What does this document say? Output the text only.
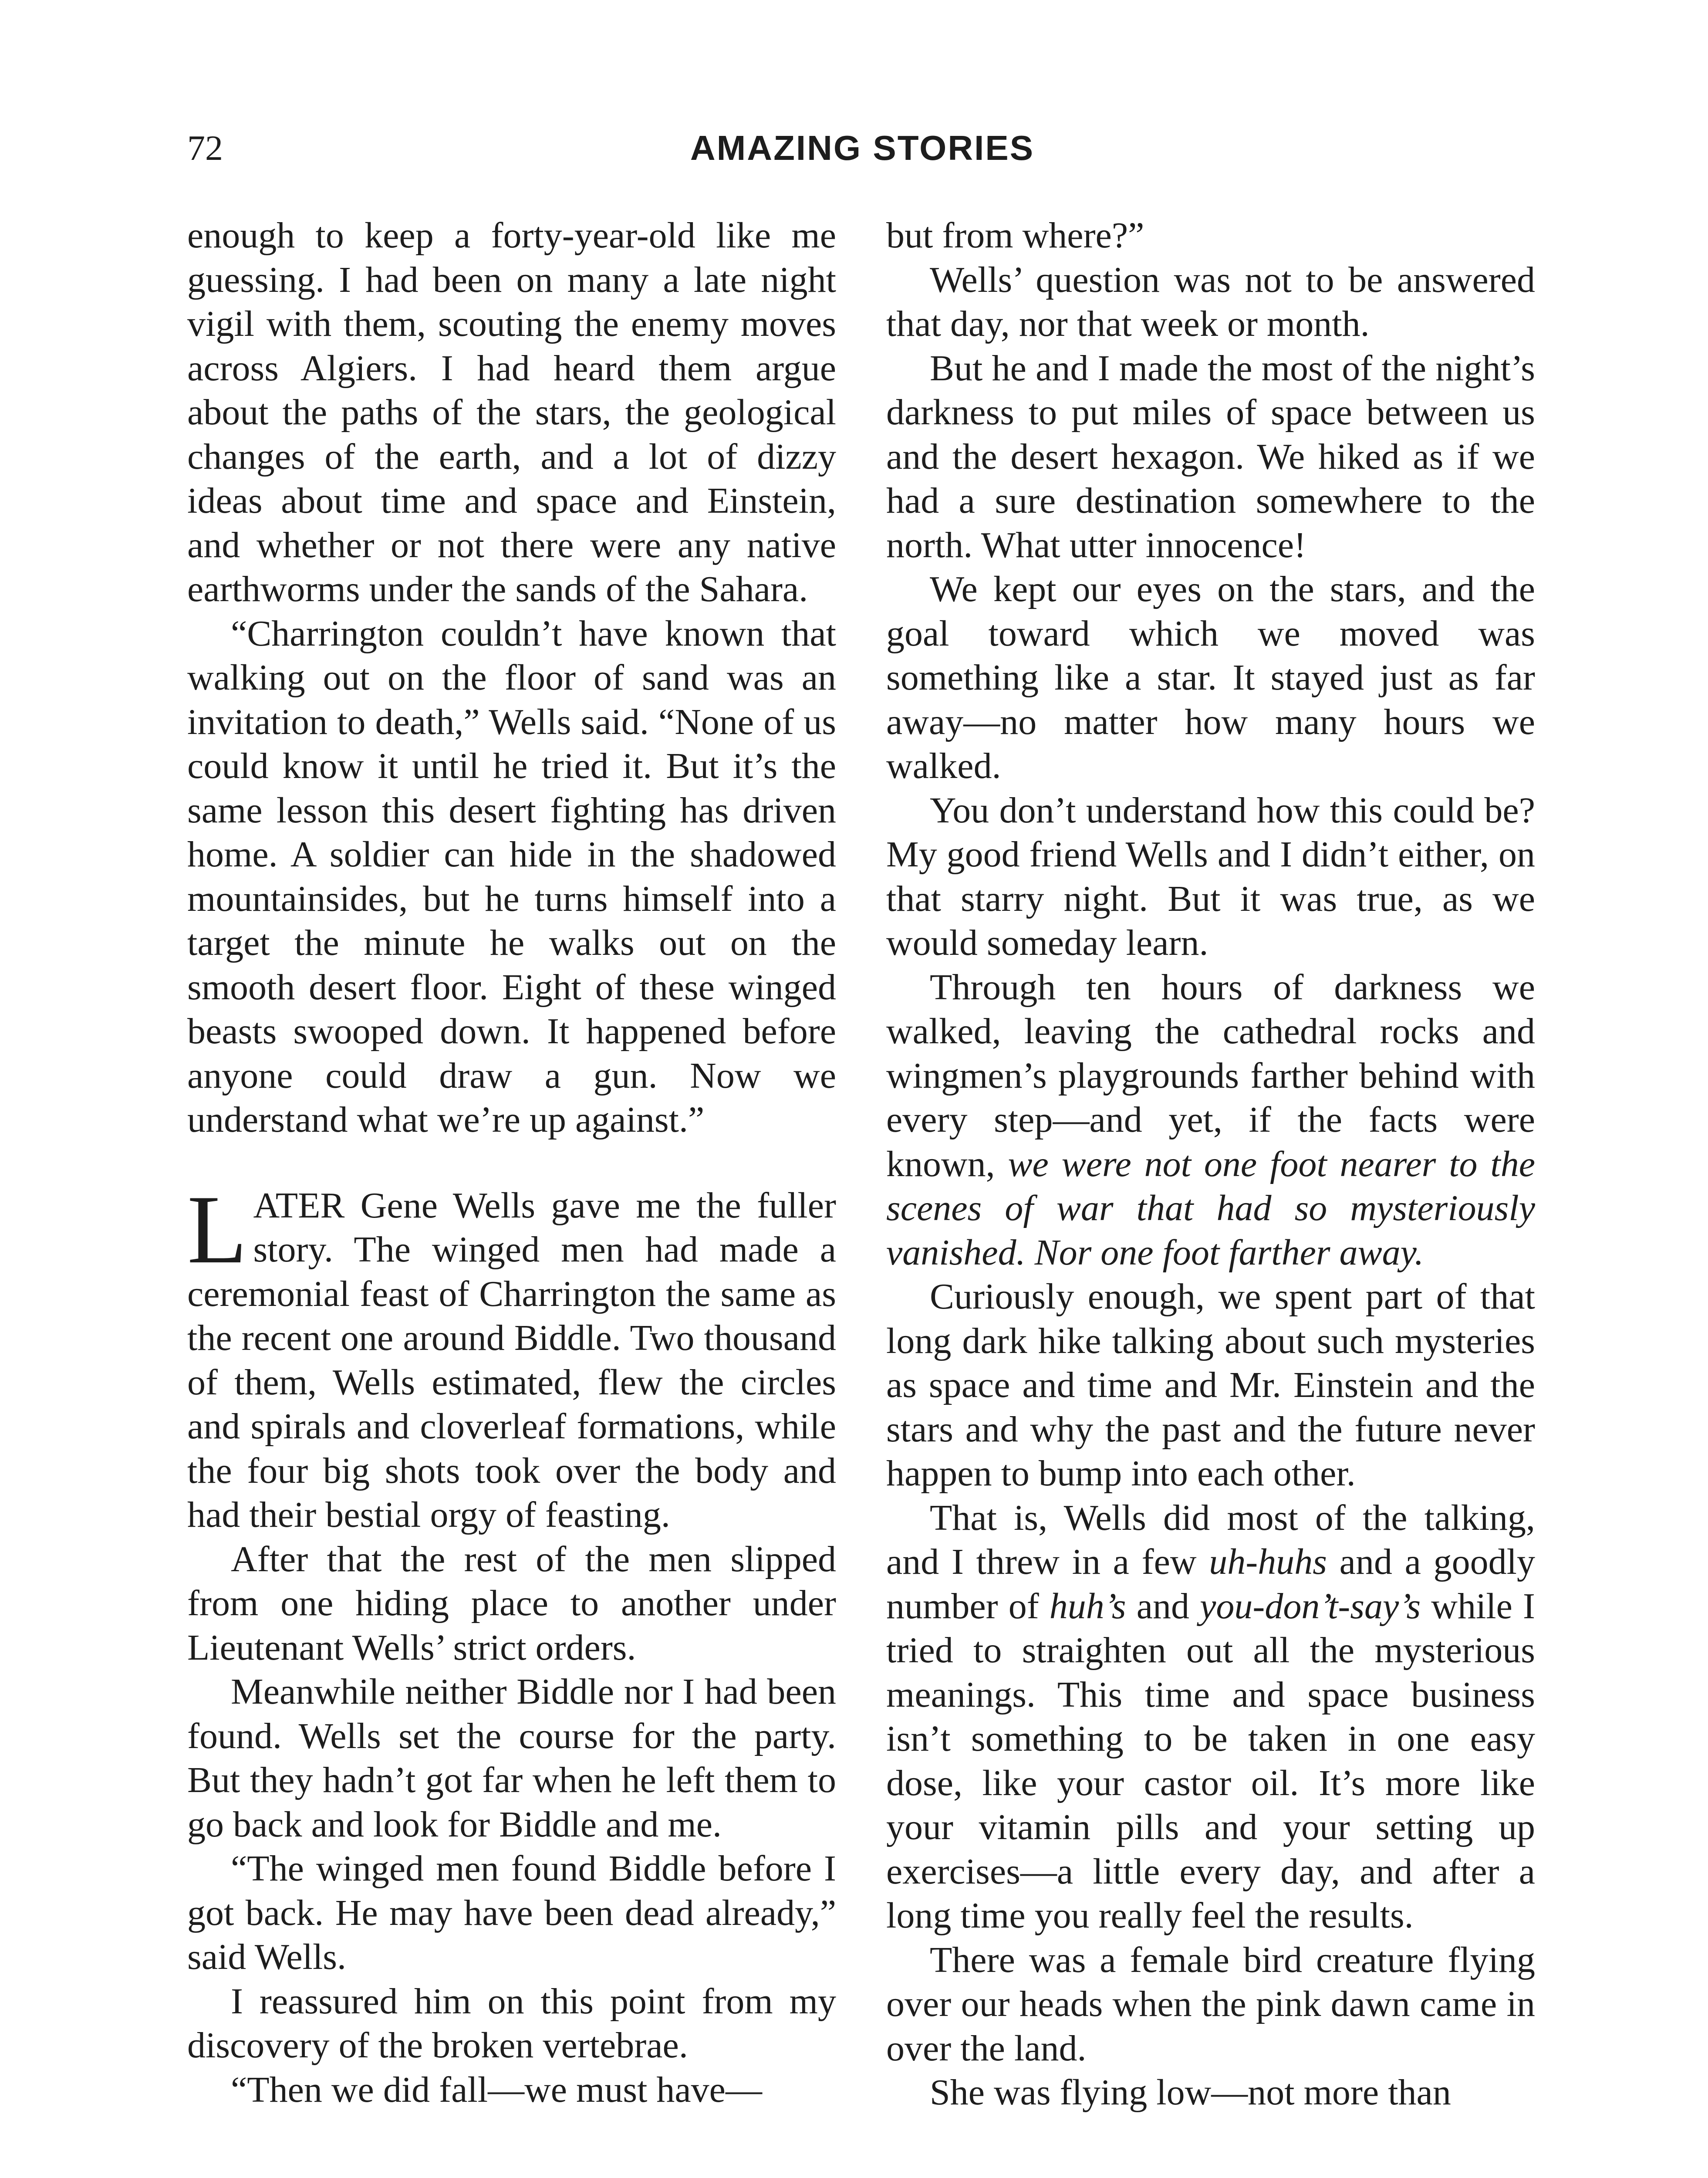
72	AMAZING STORIES

enough to keep a forty-year-old like me guessing. I had been on many a late night vigil with them, scouting the enemy moves across Algiers. I had heard them argue about the paths of the stars, the geological changes of the earth, and a lot of dizzy ideas about time and space and Einstein, and whether or not there were any native earthworms under the sands of the Sahara.

“Charrington couldn’t have known that walking out on the floor of sand was an invitation to death,” Wells said. “None of us could know it until he tried it. But it’s the same lesson this desert fighting has driven home. A soldier can hide in the shadowed mountainsides, but he turns himself into a target the minute he walks out on the smooth desert floor. Eight of these winged beasts swooped down. It happened before anyone could draw a gun. Now we understand what we’re up against.”

LATER Gene Wells gave me the fuller story. The winged men had made a ceremonial feast of Charrington the same as the recent one around Biddle. Two thousand of them, Wells estimated, flew the circles and spirals and cloverleaf formations, while the four big shots took over the body and had their bestial orgy of feasting.

After that the rest of the men slipped from one hiding place to another under Lieutenant Wells’ strict orders.

Meanwhile neither Biddle nor I had been found. Wells set the course for the party. But they hadn’t got far when he left them to go back and look for Biddle and me.

“The winged men found Biddle before I got back. He may have been dead already,” said Wells.

I reassured him on this point from my discovery of the broken vertebrae.

“Then we did fall—we must have—

but from where?”

Wells’ question was not to be answered that day, nor that week or month.

But he and I made the most of the night’s darkness to put miles of space between us and the desert hexagon. We hiked as if we had a sure destination somewhere to the north. What utter innocence!

We kept our eyes on the stars, and the goal toward which we moved was something like a star. It stayed just as far away—no matter how many hours we walked.

You don’t understand how this could be? My good friend Wells and I didn’t either, on that starry night. But it was true, as we would someday learn.

Through ten hours of darkness we walked, leaving the cathedral rocks and wingmen’s playgrounds farther behind with every step—and yet, if the facts were known, we were not one foot nearer to the scenes of war that had so mysteriously vanished. Nor one foot farther away.

Curiously enough, we spent part of that long dark hike talking about such mysteries as space and time and Mr. Einstein and the stars and why the past and the future never happen to bump into each other.

That is, Wells did most of the talking, and I threw in a few uh-huhs and a goodly number of huh’s and you-don’t-say’s while I tried to straighten out all the mysterious meanings. This time and space business isn’t something to be taken in one easy dose, like your castor oil. It’s more like your vitamin pills and your setting up exercises—a little every day, and after a long time you really feel the results.

There was a female bird creature flying over our heads when the pink dawn came in over the land.

She was flying low—not more than
